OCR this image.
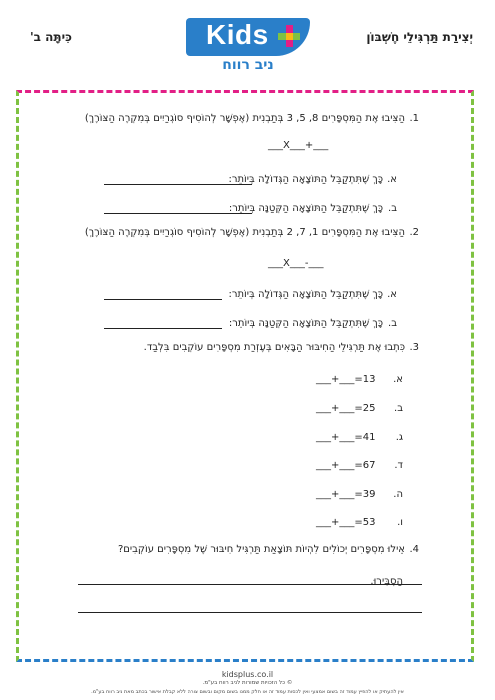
יְצִירַת תַּרְגִּילֵי חֶשְׁבּוֹן
כִּיתָּה ב'	Kids
ניב רווח
1.
הַצִּיבוּ אֶת הַמִּסְפָּרִים 8, 5, 3 בְּתַבְנִית (אֶפְשָׁר לְהוֹסִיף סוֹגְרַיִים בְּמִקְרֶה הַצּוֹרֶךְ)
___X___+___
א.
כָּךְ שֶׁתִּתְקַבֵּל הַתּוֹצָאָה הַגְּדוֹלָה בְּיוֹתֵר:
ב.
כָּךְ שֶׁתִּתְקַבֵּל הַתּוֹצָאָה הַקְּטַנָּה בְּיוֹתֵר:
2.
הַצִּיבוּ אֶת הַמִּסְפָּרִים 1, 7, 2 בְּתַבְנִית (אֶפְשָׁר לְהוֹסִיף סוֹגְרַיִים בְּמִקְרֶה הַצּוֹרֶךְ)
___X___-___
א.
כָּךְ שֶׁתִּתְקַבֵּל הַתּוֹצָאָה הַגְּדוֹלָה בְּיוֹתֵר:
ב.
כָּךְ שֶׁתִּתְקַבֵּל הַתּוֹצָאָה הַקְּטַנָּה בְּיוֹתֵר:
3.
כִּתְבוּ אֶת תַּרְגִּילֵי הַחִיבּוּר הַבָּאִים בְּעֶזְרַת מִסְפָּרִים עוֹקְבִים בִּלְבַד.
א.
___+___=13
ב.
___+___=25
ג.
___+___=41
ד.
___+___=67
ה.
___+___=39
ו.
___+___=53
4.
אֵילוּ מִסְפָּרִים יְכוֹלִים לִהְיוֹת תּוֹצָאַת תַּרְגִּיל חִיבּוּר שֶׁל מִסְפָּרִים עוֹקְבִים?
הַסְבִּירוּ.
kidsplus.co.il
© כל הזכויות שמורות לניב רווח בע"מ.
אין להעתיק או להפיץ עמוד זה בשום אמצעי ואין לכסות עמוד זה או חלק ממנו בשום מקום ובשום צורה ללא קבלת אישור בכתב מאת ניב רווח בע"מ.
